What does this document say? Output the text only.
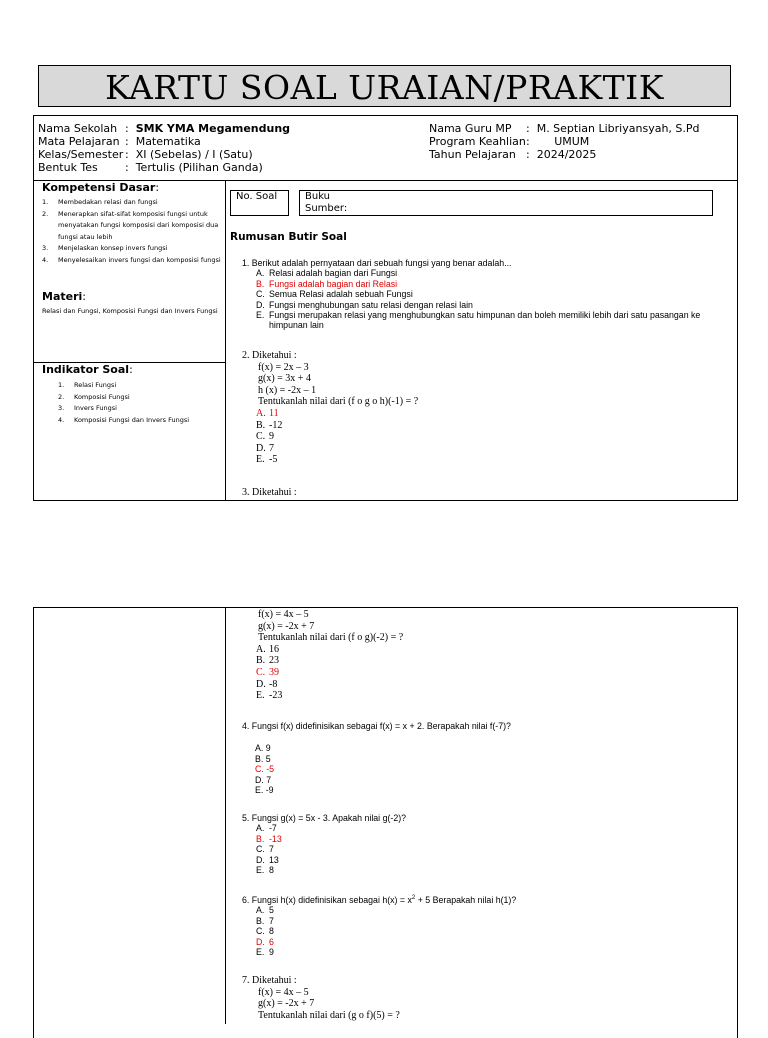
KARTU SOAL URAIAN/PRAKTIK
Nama Sekolah :  SMK YMA Megamendung
Mata Pelajaran :  Matematika
Kelas/Semester :  XI (Sebelas) / I (Satu)
Bentuk Tes :  Tertulis (Pilihan Ganda)
Nama Guru MP :  M. Septian Libriyansyah, S.Pd
Program Keahlian:       UMUM
Tahun Pelajaran :  2024/2025
Kompetensi Dasar:
1.	Membedakan relasi dan fungsi
2.	Menerapkan sifat-sifat komposisi fungsi untuk menyatakan fungsi komposisi dari komposisi dua fungsi atau lebih
3.	Menjelaskan konsep invers fungsi
4.	Menyelesaikan invers fungsi dan komposisi fungsi
Materi:
Relasi dan Fungsi, Komposisi Fungsi dan Invers Fungsi
Indikator Soal:
1.	Relasi Fungsi
2.	Komposisi Fungsi
3.	Invers Fungsi
4.	Komposisi Fungsi dan Invers Fungsi
No. Soal	Buku
Sumber:
Rumusan Butir Soal
1. Berikut adalah pernyataan dari sebuah fungsi yang benar adalah...
A. Relasi adalah bagian dari Fungsi
B. Fungsi adalah bagian dari Relasi
C. Semua Relasi adalah sebuah Fungsi
D. Fungsi menghubungan satu relasi dengan relasi lain
E. Fungsi merupakan relasi yang menghubungkan satu himpunan dan boleh memiliki lebih dari satu pasangan ke himpunan lain
2. Diketahui :
f(x) = 2x – 3
g(x) = 3x + 4
h (x) = -2x – 1
Tentukanlah nilai dari (f o g o h)(-1) = ?
A. 11
B. -12
C. 9
D. 7
E. -5
3. Diketahui :
f(x) = 4x – 5
g(x) = -2x + 7
Tentukanlah nilai dari (f o g)(-2) = ?
A. 16
B. 23
C. 39
D. -8
E. -23
4. Fungsi f(x) didefinisikan sebagai f(x) = x + 2. Berapakah nilai f(-7)?
A. 9
B. 5
C. -5
D. 7
E. -9
5. Fungsi g(x) = 5x - 3. Apakah nilai g(-2)?
A. -7
B. -13
C. 7
D. 13
E. 8
6. Fungsi h(x) didefinisikan sebagai $h(x) = x^2 + 5$ Berapakah nilai h(1)?
A. 5
B. 7
C. 8
D. 6
E. 9
7. Diketahui :
f(x) = 4x – 5
g(x) = -2x + 7
Tentukanlah nilai dari (g o f)(5) = ?
